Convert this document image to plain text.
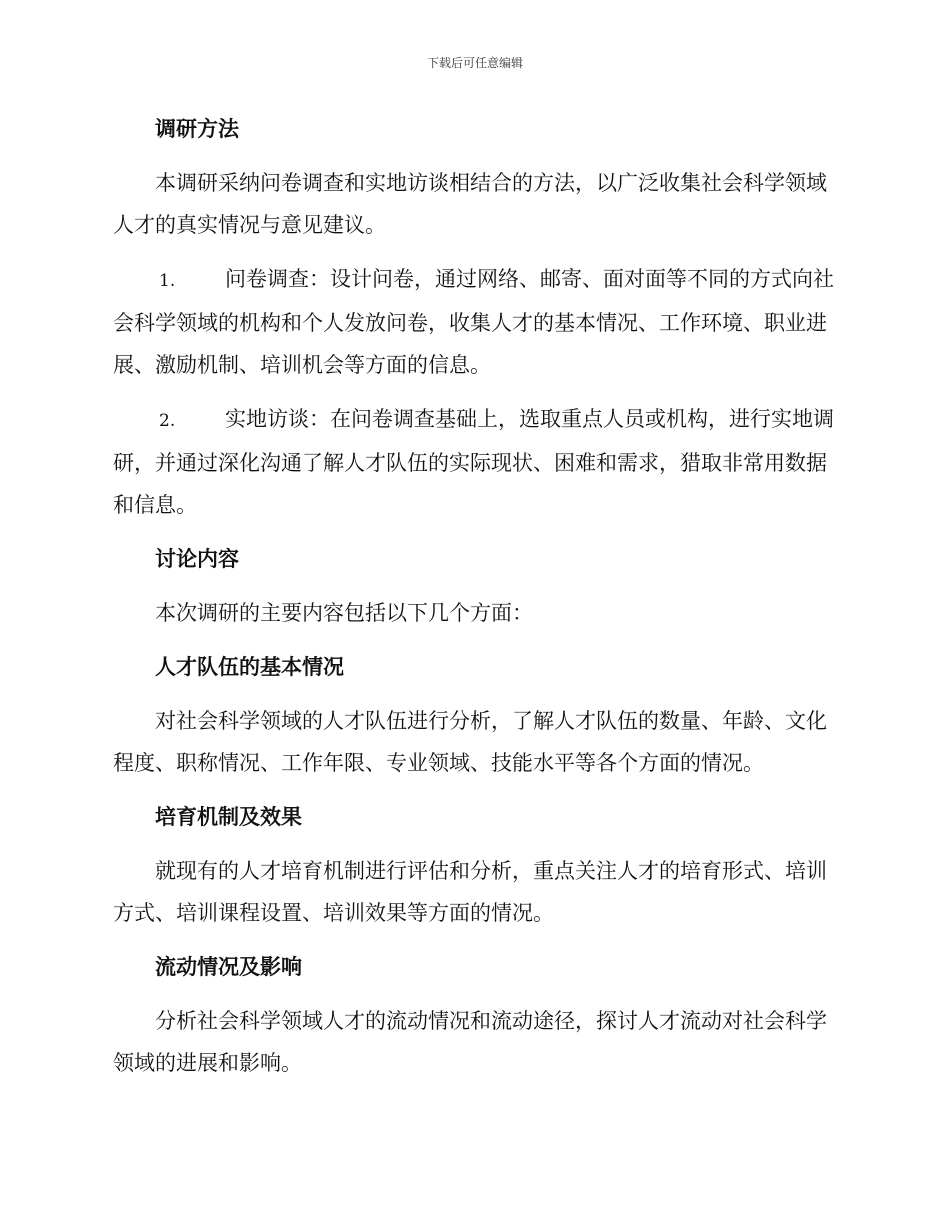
下载后可任意编辑
调研方法
本调研采纳问卷调查和实地访谈相结合的方法，以广泛收集社会科学领域人才的真实情况与意见建议。
1. 问卷调查：设计问卷，通过网络、邮寄、面对面等不同的方式向社会科学领域的机构和个人发放问卷，收集人才的基本情况、工作环境、职业进展、激励机制、培训机会等方面的信息。
2. 实地访谈：在问卷调查基础上，选取重点人员或机构，进行实地调研，并通过深化沟通了解人才队伍的实际现状、困难和需求，猎取非常用数据和信息。
讨论内容
本次调研的主要内容包括以下几个方面：
人才队伍的基本情况
对社会科学领域的人才队伍进行分析，了解人才队伍的数量、年龄、文化程度、职称情况、工作年限、专业领域、技能水平等各个方面的情况。
培育机制及效果
就现有的人才培育机制进行评估和分析，重点关注人才的培育形式、培训方式、培训课程设置、培训效果等方面的情况。
流动情况及影响
分析社会科学领域人才的流动情况和流动途径，探讨人才流动对社会科学领域的进展和影响。
